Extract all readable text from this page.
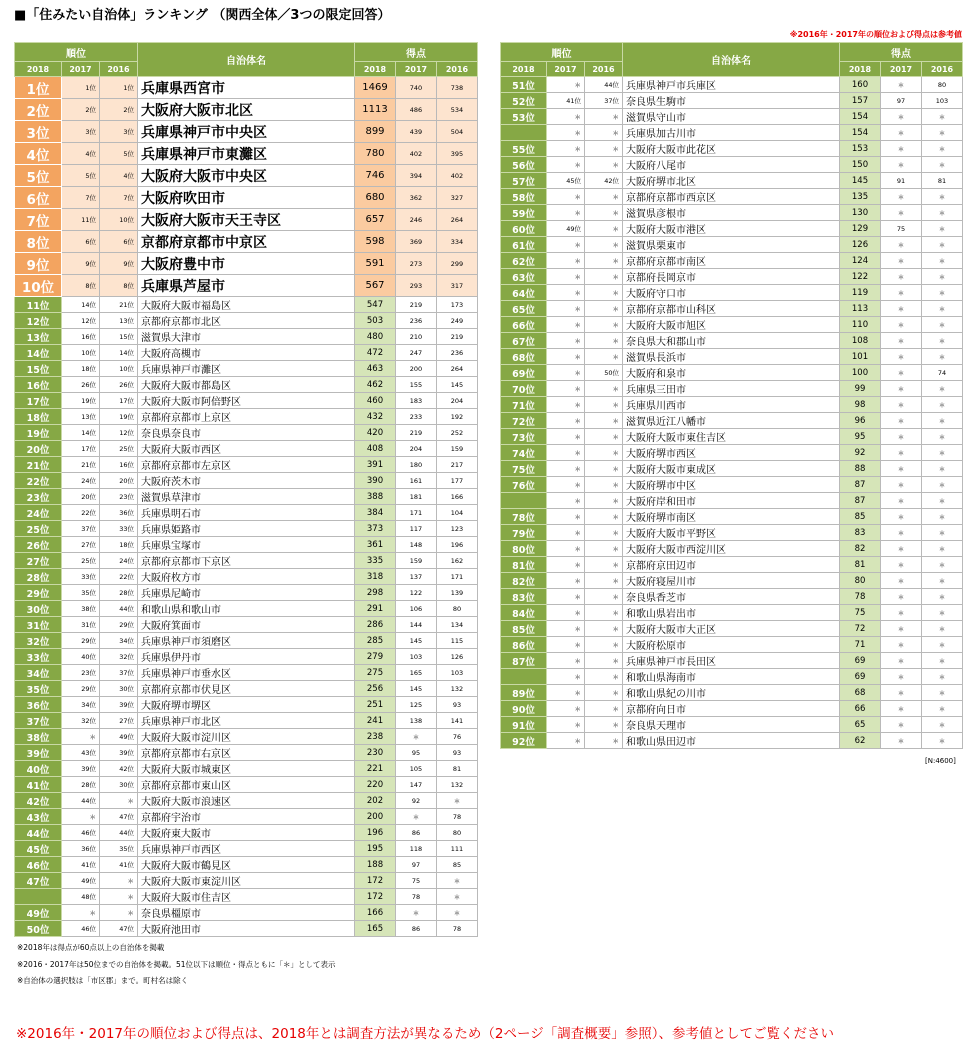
■「住みたい自治体」ランキング （関西全体／3つの限定回答）
※2016年・2017年の順位および得点は参考値
順位			自治体名	得点		
2018	2017	2016		2018	2017	2016
1位	1位	1位	兵庫県西宮市	1469	740	738
2位	2位	2位	大阪府大阪市北区	1113	486	534
3位	3位	3位	兵庫県神戸市中央区	899	439	504
4位	4位	5位	兵庫県神戸市東灘区	780	402	395
5位	5位	4位	大阪府大阪市中央区	746	394	402
6位	7位	7位	大阪府吹田市	680	362	327
7位	11位	10位	大阪府大阪市天王寺区	657	246	264
8位	6位	6位	京都府京都市中京区	598	369	334
9位	9位	9位	大阪府豊中市	591	273	299
10位	8位	8位	兵庫県芦屋市	567	293	317
11位	14位	21位	大阪府大阪市福島区	547	219	173
12位	12位	13位	京都府京都市北区	503	236	249
13位	16位	15位	滋賀県大津市	480	210	219
14位	10位	14位	大阪府高槻市	472	247	236
15位	18位	10位	兵庫県神戸市灘区	463	200	264
16位	26位	26位	大阪府大阪市都島区	462	155	145
17位	19位	17位	大阪府大阪市阿倍野区	460	183	204
18位	13位	19位	京都府京都市上京区	432	233	192
19位	14位	12位	奈良県奈良市	420	219	252
20位	17位	25位	大阪府大阪市西区	408	204	159
21位	21位	16位	京都府京都市左京区	391	180	217
22位	24位	20位	大阪府茨木市	390	161	177
23位	20位	23位	滋賀県草津市	388	181	166
24位	22位	36位	兵庫県明石市	384	171	104
25位	37位	33位	兵庫県姫路市	373	117	123
26位	27位	18位	兵庫県宝塚市	361	148	196
27位	25位	24位	京都府京都市下京区	335	159	162
28位	33位	22位	大阪府枚方市	318	137	171
29位	35位	28位	兵庫県尼崎市	298	122	139
30位	38位	44位	和歌山県和歌山市	291	106	80
31位	31位	29位	大阪府箕面市	286	144	134
32位	29位	34位	兵庫県神戸市須磨区	285	145	115
33位	40位	32位	兵庫県伊丹市	279	103	126
34位	23位	37位	兵庫県神戸市垂水区	275	165	103
35位	29位	30位	京都府京都市伏見区	256	145	132
36位	34位	39位	大阪府堺市堺区	251	125	93
37位	32位	27位	兵庫県神戸市北区	241	138	141
38位	＊	49位	大阪府大阪市淀川区	238	＊	76
39位	43位	39位	京都府京都市右京区	230	95	93
40位	39位	42位	大阪府大阪市城東区	221	105	81
41位	28位	30位	京都府京都市東山区	220	147	132
42位	44位	＊	大阪府大阪市浪速区	202	92	＊
43位	＊	47位	京都府宇治市	200	＊	78
44位	46位	44位	大阪府東大阪市	196	86	80
45位	36位	35位	兵庫県神戸市西区	195	118	111
46位	41位	41位	大阪府大阪市鶴見区	188	97	85
47位	49位	＊	大阪府大阪市東淀川区	172	75	＊
	48位	＊	大阪府大阪市住吉区	172	78	＊
49位	＊	＊	奈良県橿原市	166	＊	＊
50位	46位	47位	大阪府池田市	165	86	78
順位			自治体名	得点		
2018	2017	2016		2018	2017	2016
51位	＊	44位	兵庫県神戸市兵庫区	160	＊	80
52位	41位	37位	奈良県生駒市	157	97	103
53位	＊	＊	滋賀県守山市	154	＊	＊
	＊	＊	兵庫県加古川市	154	＊	＊
55位	＊	＊	大阪府大阪市此花区	153	＊	＊
56位	＊	＊	大阪府八尾市	150	＊	＊
57位	45位	42位	大阪府堺市北区	145	91	81
58位	＊	＊	京都府京都市西京区	135	＊	＊
59位	＊	＊	滋賀県彦根市	130	＊	＊
60位	49位	＊	大阪府大阪市港区	129	75	＊
61位	＊	＊	滋賀県栗東市	126	＊	＊
62位	＊	＊	京都府京都市南区	124	＊	＊
63位	＊	＊	京都府長岡京市	122	＊	＊
64位	＊	＊	大阪府守口市	119	＊	＊
65位	＊	＊	京都府京都市山科区	113	＊	＊
66位	＊	＊	大阪府大阪市旭区	110	＊	＊
67位	＊	＊	奈良県大和郡山市	108	＊	＊
68位	＊	＊	滋賀県長浜市	101	＊	＊
69位	＊	50位	大阪府和泉市	100	＊	74
70位	＊	＊	兵庫県三田市	99	＊	＊
71位	＊	＊	兵庫県川西市	98	＊	＊
72位	＊	＊	滋賀県近江八幡市	96	＊	＊
73位	＊	＊	大阪府大阪市東住吉区	95	＊	＊
74位	＊	＊	大阪府堺市西区	92	＊	＊
75位	＊	＊	大阪府大阪市東成区	88	＊	＊
76位	＊	＊	大阪府堺市中区	87	＊	＊
	＊	＊	大阪府岸和田市	87	＊	＊
78位	＊	＊	大阪府堺市南区	85	＊	＊
79位	＊	＊	大阪府大阪市平野区	83	＊	＊
80位	＊	＊	大阪府大阪市西淀川区	82	＊	＊
81位	＊	＊	京都府京田辺市	81	＊	＊
82位	＊	＊	大阪府寝屋川市	80	＊	＊
83位	＊	＊	奈良県香芝市	78	＊	＊
84位	＊	＊	和歌山県岩出市	75	＊	＊
85位	＊	＊	大阪府大阪市大正区	72	＊	＊
86位	＊	＊	大阪府松原市	71	＊	＊
87位	＊	＊	兵庫県神戸市長田区	69	＊	＊
	＊	＊	和歌山県海南市	69	＊	＊
89位	＊	＊	和歌山県紀の川市	68	＊	＊
90位	＊	＊	京都府向日市	66	＊	＊
91位	＊	＊	奈良県天理市	65	＊	＊
92位	＊	＊	和歌山県田辺市	62	＊	＊
[N:4600]
※2018年は得点が60点以上の自治体を掲載
※2016・2017年は50位までの自治体を掲載。51位以下は順位・得点ともに「＊」として表示
※自治体の選択肢は「市区郡」まで。町村名は除く
※2016年・2017年の順位および得点は、2018年とは調査方法が異なるため（2ページ「調査概要」参照）、参考値としてご覧ください
